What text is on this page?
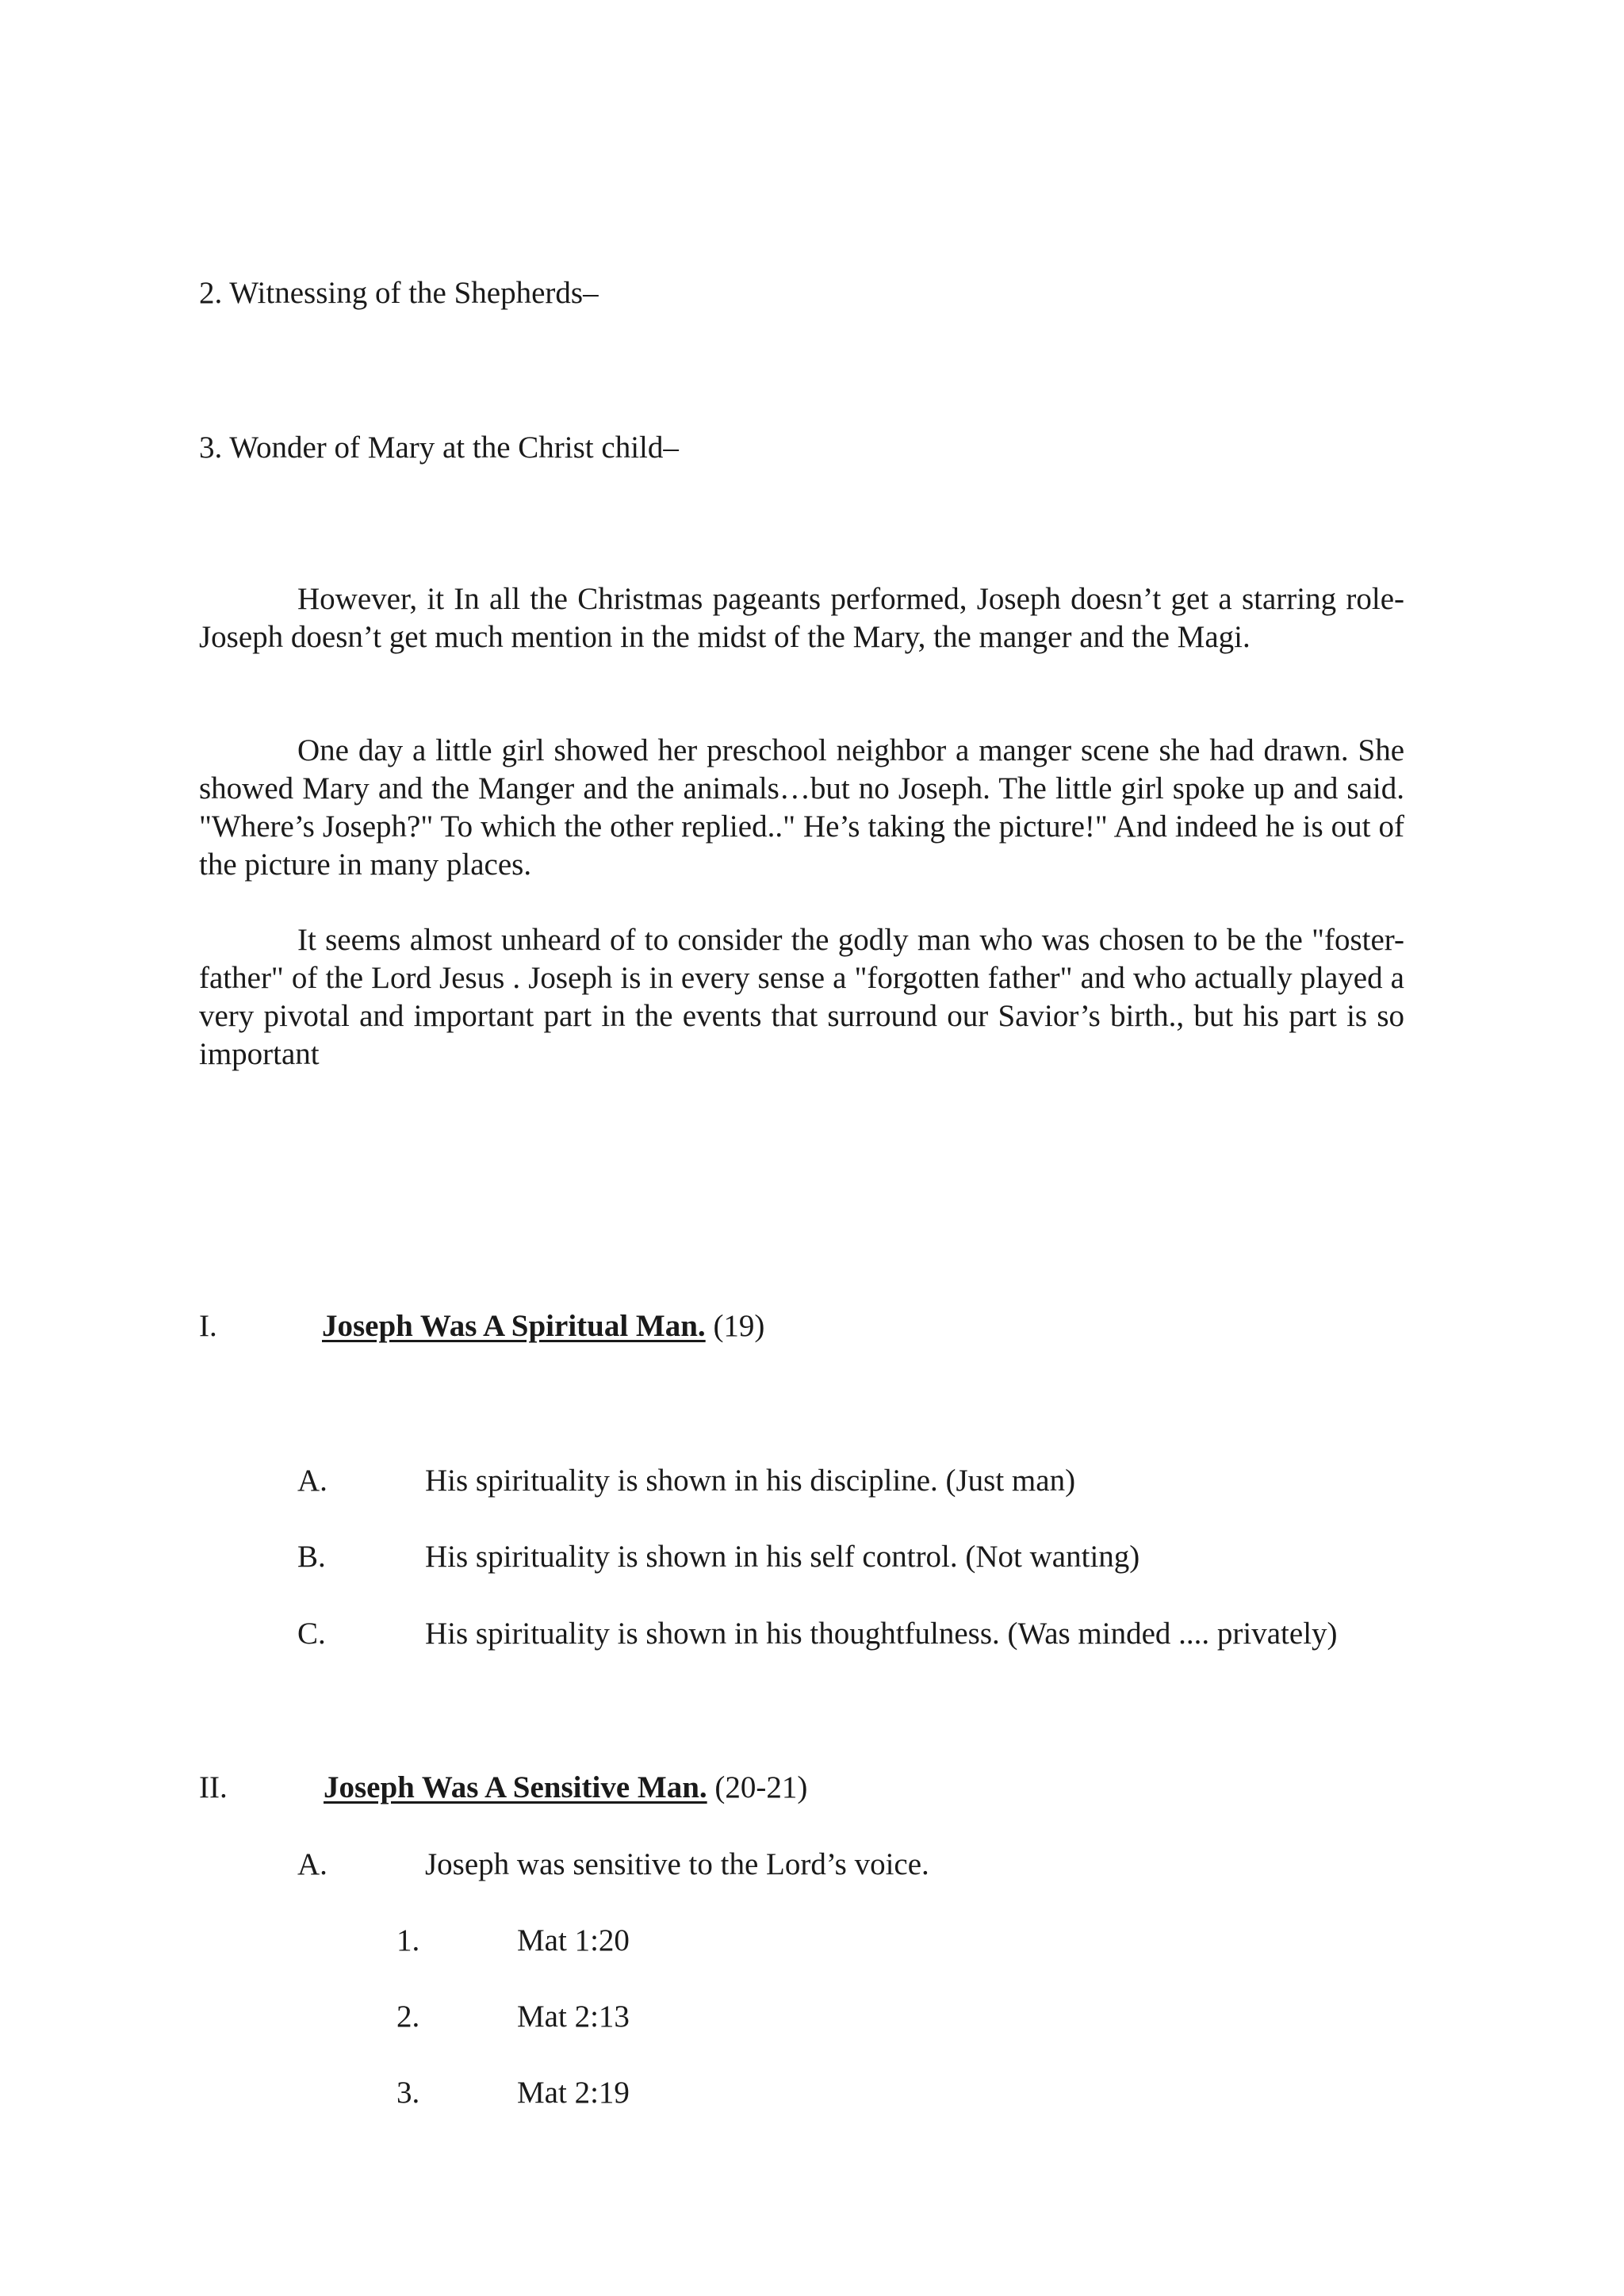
2. Witnessing of the Shepherds–
3. Wonder of Mary at the Christ child–
However, it In all the Christmas pageants performed, Joseph doesn’t get a starring role- Joseph doesn’t get much mention in the midst of the Mary, the manger and the Magi.
One day a little girl showed her preschool neighbor a manger scene she had drawn. She showed Mary and the Manger and the animals…but no Joseph. The little girl spoke up and said. "Where’s Joseph?" To which the other replied.." He’s taking the picture!" And indeed he is out of the picture in many places.
It seems almost unheard of to consider the godly man who was chosen to be the "foster-father" of the Lord Jesus . Joseph is in every sense a "forgotten father" and who actually played a very pivotal and important part in the events that surround our Savior’s birth., but his part is so important
I.	Joseph Was A Spiritual Man. (19)
A.	His spirituality is shown in his discipline. (Just man)
B.	His spirituality is shown in his self control. (Not wanting)
C.	His spirituality is shown in his thoughtfulness. (Was minded .... privately)
II.	Joseph Was A Sensitive Man. (20-21)
A.	Joseph was sensitive to the Lord’s voice.
1.	Mat 1:20
2.	Mat 2:13
3.	Mat 2:19
